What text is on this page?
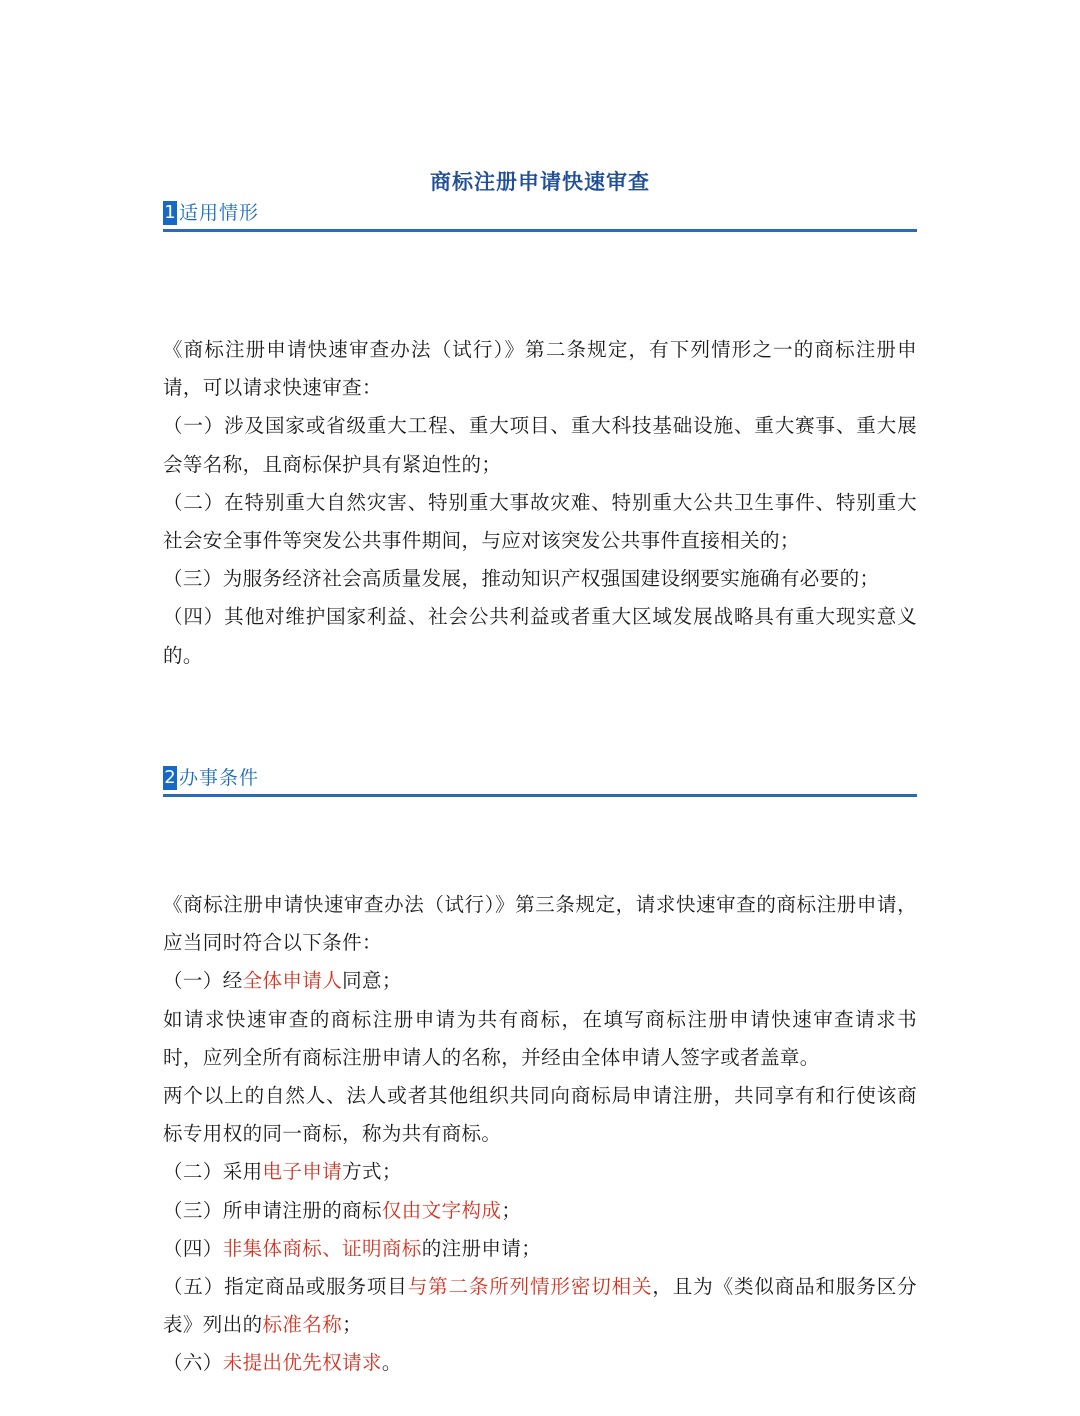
商标注册申请快速审查
1 适用情形

《商标注册申请快速审查办法（试行）》第二条规定，有下列情形之一的商标注册申请，可以请求快速审查：

（一）涉及国家或省级重大工程、重大项目、重大科技基础设施、重大赛事、重大展会等名称，且商标保护具有紧迫性的；

（二）在特别重大自然灾害、特别重大事故灾难、特别重大公共卫生事件、特别重大社会安全事件等突发公共事件期间，与应对该突发公共事件直接相关的；

（三）为服务经济社会高质量发展，推动知识产权强国建设纲要实施确有必要的；

（四）其他对维护国家利益、社会公共利益或者重大区域发展战略具有重大现实意义的。

2 办事条件

《商标注册申请快速审查办法（试行）》第三条规定，请求快速审查的商标注册申请，应当同时符合以下条件：

（一）经全体申请人同意；

如请求快速审查的商标注册申请为共有商标，在填写商标注册申请快速审查请求书时，应列全所有商标注册申请人的名称，并经由全体申请人签字或者盖章。

两个以上的自然人、法人或者其他组织共同向商标局申请注册，共同享有和行使该商标专用权的同一商标，称为共有商标。

（二）采用电子申请方式；

（三）所申请注册的商标仅由文字构成；

（四）非集体商标、证明商标的注册申请；

（五）指定商品或服务项目与第二条所列情形密切相关，且为《类似商品和服务区分表》列出的标准名称；

（六）未提出优先权请求。
